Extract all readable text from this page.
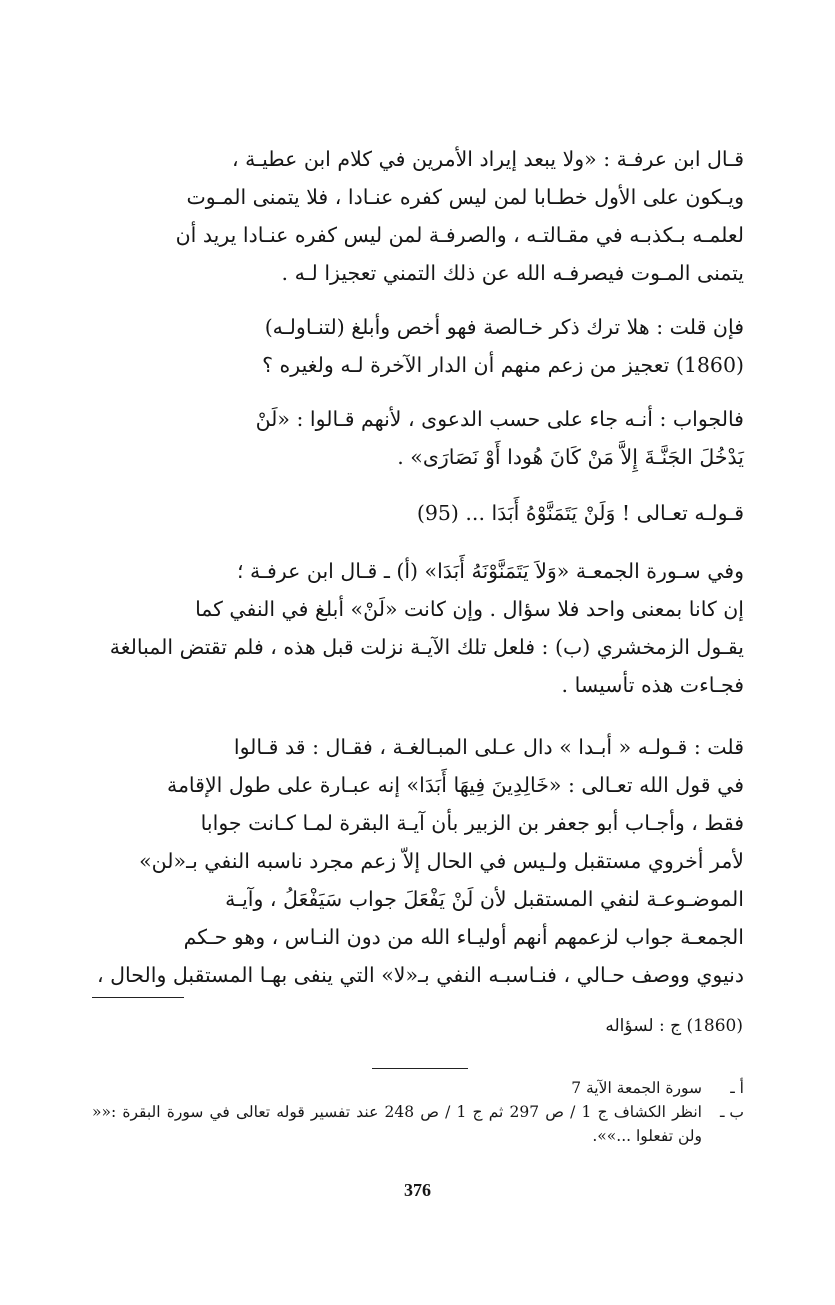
قـال ابن عرفـة : «ولا يبعد إيراد الأمرين في كلام ابن عطيـة ،
ويـكون على الأول خطـابا لمن ليس كفره عنـادا ، فلا يتمنى المـوت
لعلمـه بـكذبـه في مقـالتـه ، والصرفـة لمن ليس كفره عنـادا يريد أن
يتمنى المـوت فيصرفـه الله عن ذلك التمني تعجيزا لـه .

فإن قلت : هلا ترك ذكر خـالصة فهو أخص وأبلغ (لتنـاولـه)
(1860) تعجيز من زعم منهم أن الدار الآخرة لـه ولغيره ؟

فالجواب : أنـه جاء على حسب الدعوى ، لأنهم قـالوا : «لَنْ
يَدْخُلَ الجَنَّـةَ إِلاَّ مَنْ كَانَ هُودا أَوْ نَصَارَى» .

قـولـه تعـالى ! وَلَنْ يَتَمَنَّوْهُ أَبَدَا ... (95)

وفي سـورة الجمعـة «وَلاَ يَتَمَنَّوْنَهُ أَبَدَا» (أ) ـ قـال ابن عرفـة ؛
إن كانا بمعنى واحد فلا سؤال . وإن كانت «لَنْ» أبلغ في النفي كما
يقـول الزمخشري (ب) : فلعل تلك الآيـة نزلت قبل هذه ، فلم تقتض المبالغة
فجـاءت هذه تأسيسا .

قلت : قـولـه « أبـدا » دال عـلى المبـالغـة ، فقـال : قد قـالوا
في قول الله تعـالى : «خَالِدِينَ فِيهَا أَبَدَا» إنه عبـارة على طول الإقامة
فقط ، وأجـاب أبو جعفر بن الزبير بأن آيـة البقرة لمـا كـانت جوابا
لأمر أخروي مستقبل ولـيس في الحال إلاّ زعم مجرد ناسبه النفي بـ«لن»
الموضـوعـة لنفي المستقبل لأن لَنْ يَفْعَلَ جواب سَيَفْعَلُ ، وآيـة
الجمعـة جواب لزعمهم أنهم أوليـاء الله من دون النـاس ، وهو حـكم
دنيوي ووصف حـالي ، فنـاسبـه النفي بـ«لا» التي ينفى بهـا المستقبل والحال ،

(1860) ج : لسؤاله
أ ـ
سورة الجمعة الآية 7
ب ـ
انظر الكشاف ج 1 / ص 297 ثم ج 1 / ص 248 عند تفسير قوله تعالى في سورة البقرة :«« ولن تفعلوا ...»».
376
